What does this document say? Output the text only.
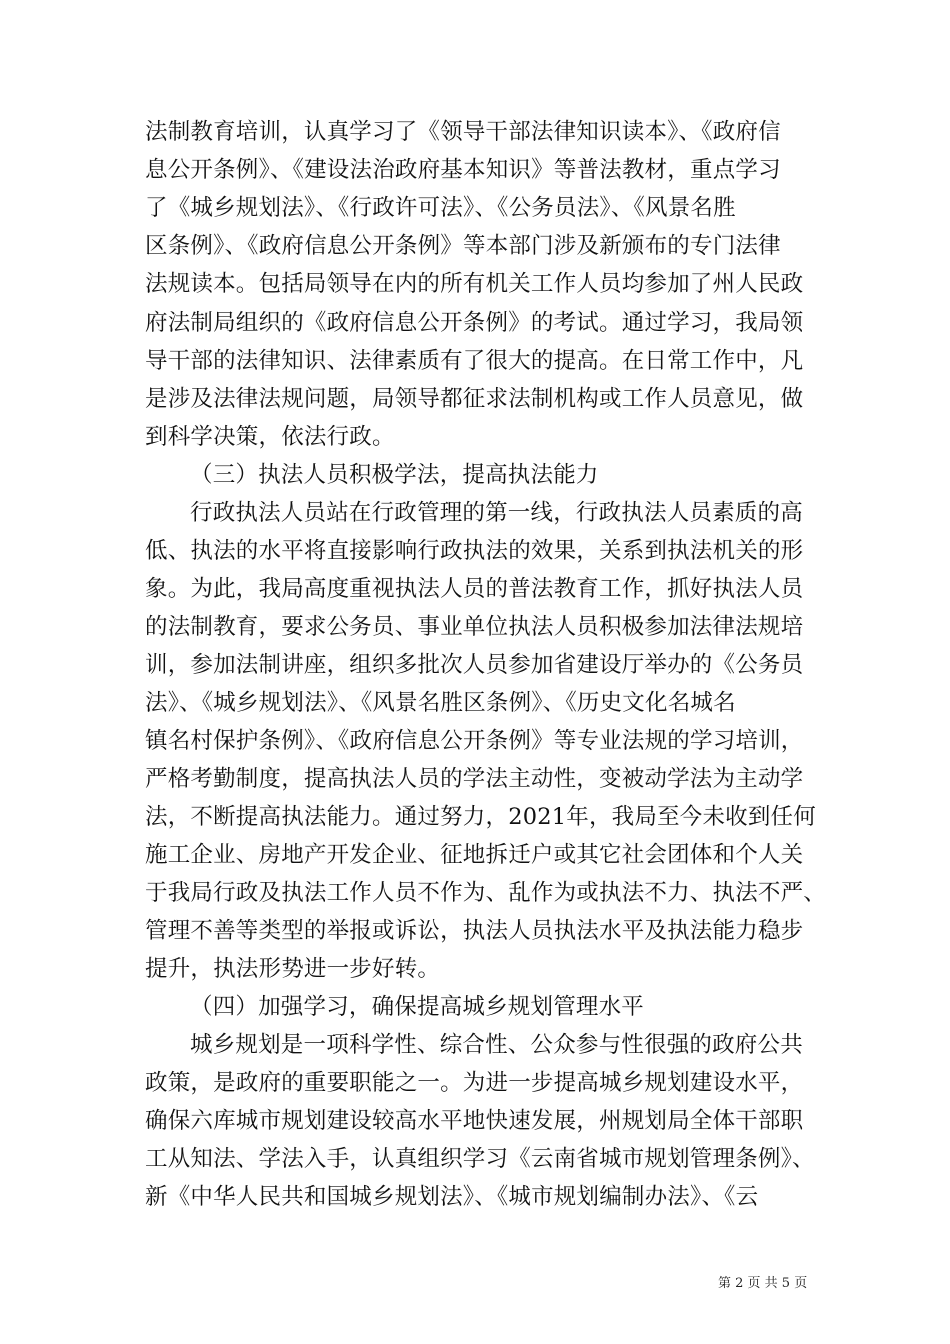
法制教育培训，认真学习了《领导干部法律知识读本》、《政府信
息公开条例》、《建设法治政府基本知识》等普法教材，重点学习
了《城乡规划法》、《行政许可法》、《公务员法》、《风景名胜
区条例》、《政府信息公开条例》等本部门涉及新颁布的专门法律
法规读本。包括局领导在内的所有机关工作人员均参加了州人民政
府法制局组织的《政府信息公开条例》的考试。通过学习，我局领
导干部的法律知识、法律素质有了很大的提高。在日常工作中，凡
是涉及法律法规问题，局领导都征求法制机构或工作人员意见，做
到科学决策，依法行政。
（三）执法人员积极学法，提高执法能力
行政执法人员站在行政管理的第一线，行政执法人员素质的高
低、执法的水平将直接影响行政执法的效果，关系到执法机关的形
象。为此，我局高度重视执法人员的普法教育工作，抓好执法人员
的法制教育，要求公务员、事业单位执法人员积极参加法律法规培
训，参加法制讲座，组织多批次人员参加省建设厅举办的《公务员
法》、《城乡规划法》、《风景名胜区条例》、《历史文化名城名
镇名村保护条例》、《政府信息公开条例》等专业法规的学习培训，
严格考勤制度，提高执法人员的学法主动性，变被动学法为主动学
法，不断提高执法能力。通过努力，2021年，我局至今未收到任何
施工企业、房地产开发企业、征地拆迁户或其它社会团体和个人关
于我局行政及执法工作人员不作为、乱作为或执法不力、执法不严、
管理不善等类型的举报或诉讼，执法人员执法水平及执法能力稳步
提升，执法形势进一步好转。
（四）加强学习，确保提高城乡规划管理水平
城乡规划是一项科学性、综合性、公众参与性很强的政府公共
政策，是政府的重要职能之一。为进一步提高城乡规划建设水平，
确保六库城市规划建设较高水平地快速发展，州规划局全体干部职
工从知法、学法入手，认真组织学习《云南省城市规划管理条例》、
新《中华人民共和国城乡规划法》、《城市规划编制办法》、《云
第 2 页 共 5 页
